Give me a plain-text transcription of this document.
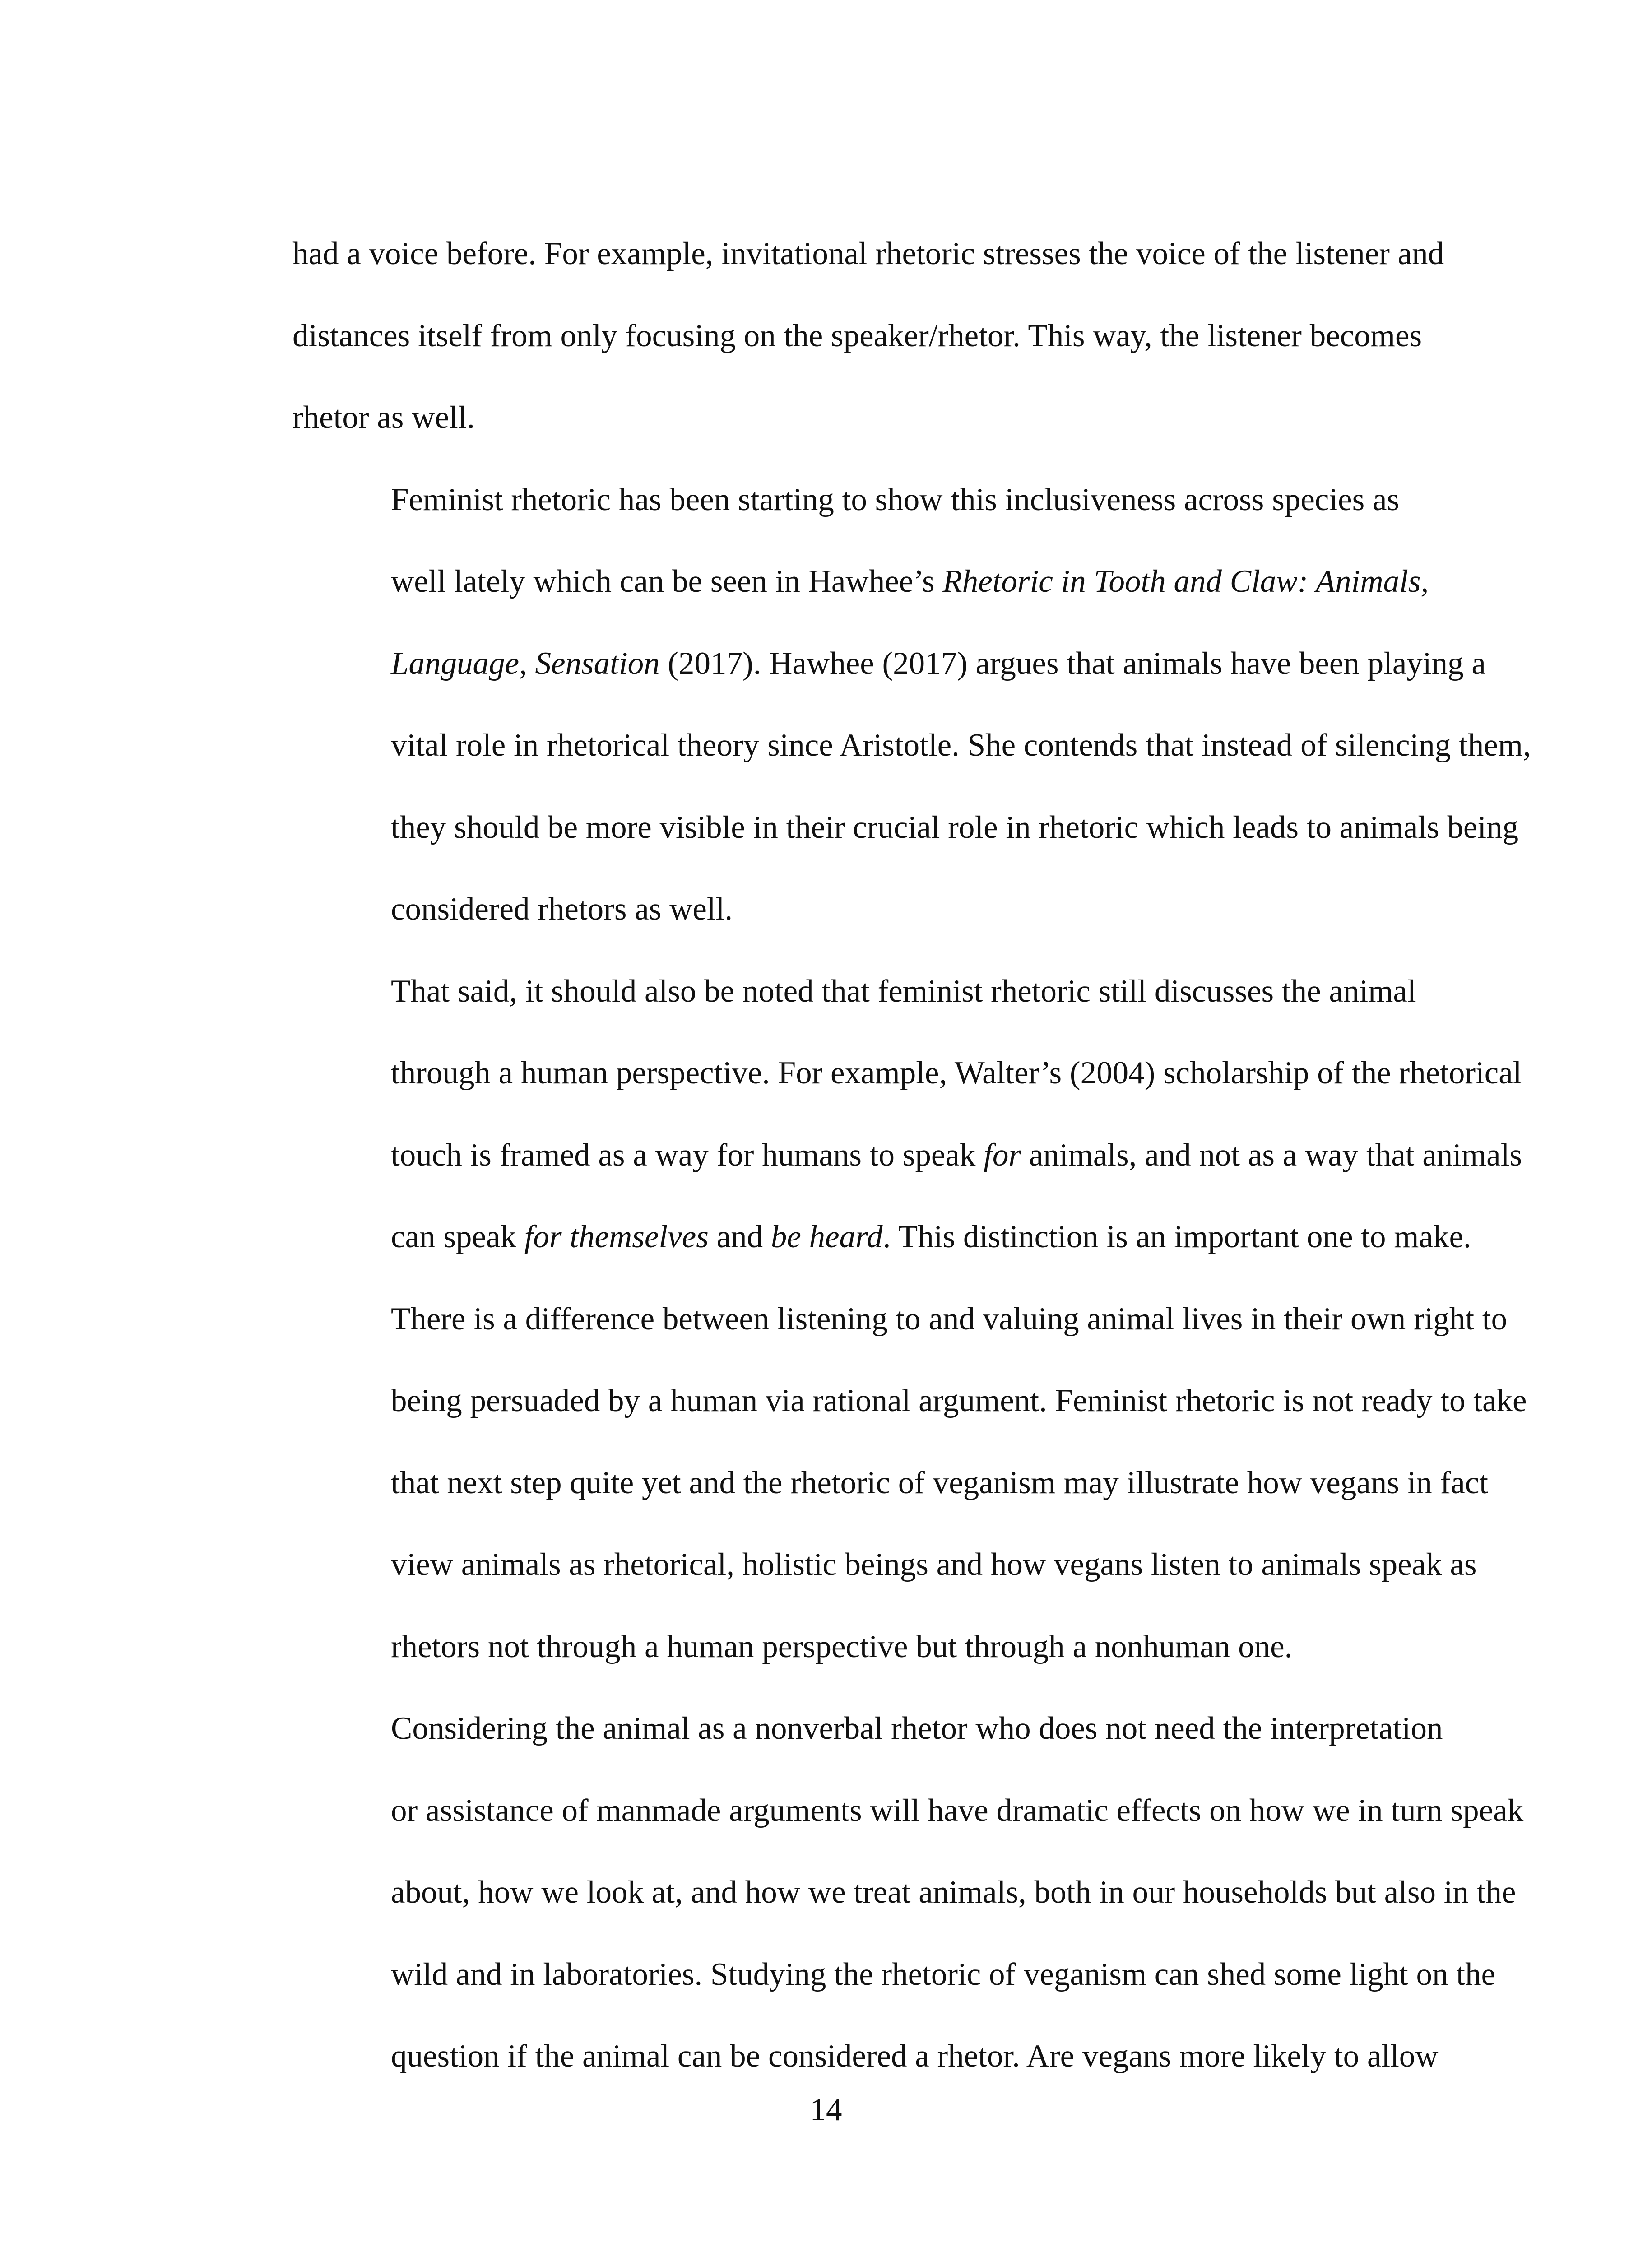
had a voice before. For example, invitational rhetoric stresses the voice of the listener and
distances itself from only focusing on the speaker/rhetor. This way, the listener becomes
rhetor as well.

Feminist rhetoric has been starting to show this inclusiveness across species as
well lately which can be seen in Hawhee’s Rhetoric in Tooth and Claw: Animals,
Language, Sensation (2017). Hawhee (2017) argues that animals have been playing a
vital role in rhetorical theory since Aristotle. She contends that instead of silencing them,
they should be more visible in their crucial role in rhetoric which leads to animals being
considered rhetors as well.

That said, it should also be noted that feminist rhetoric still discusses the animal
through a human perspective. For example, Walter’s (2004) scholarship of the rhetorical
touch is framed as a way for humans to speak for animals, and not as a way that animals
can speak for themselves and be heard. This distinction is an important one to make.
There is a difference between listening to and valuing animal lives in their own right to
being persuaded by a human via rational argument. Feminist rhetoric is not ready to take
that next step quite yet and the rhetoric of veganism may illustrate how vegans in fact
view animals as rhetorical, holistic beings and how vegans listen to animals speak as
rhetors not through a human perspective but through a nonhuman one.

Considering the animal as a nonverbal rhetor who does not need the interpretation
or assistance of manmade arguments will have dramatic effects on how we in turn speak
about, how we look at, and how we treat animals, both in our households but also in the
wild and in laboratories. Studying the rhetoric of veganism can shed some light on the
question if the animal can be considered a rhetor. Are vegans more likely to allow

14
